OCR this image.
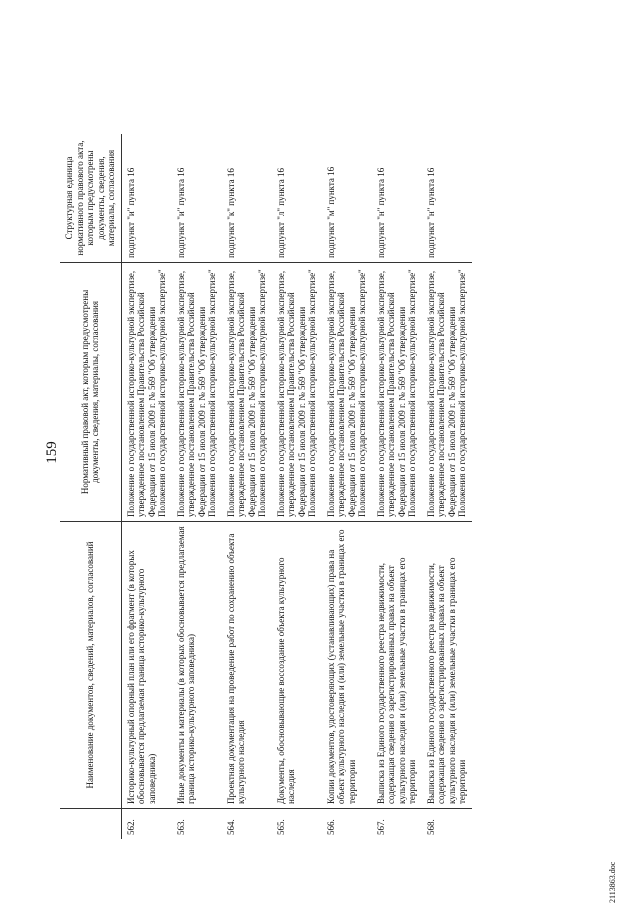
159
	Наименование документов, сведений, материалов, согласований	Нормативный правовой акт, которым предусмотрены документы, сведения, материалы, согласования	Структурная единица нормативного правового акта, которым предусмотрены документы, сведения, материалы, согласования
562.	Историко-культурный опорный план или его фрагмент (в которых обосновывается предлагаемая граница историко-культурного заповедника)	Положение о государственной историко-культурной экспертизе, утвержденное постановлением Правительства Российской Федерации от 15 июля 2009 г. № 569 "Об утверждении Положения о государственной историко-культурной экспертизе"	подпункт "и" пункта 16
563.	Иные документы и материалы (в которых обосновывается предлагаемая граница историко-культурного заповедника)	Положение о государственной историко-культурной экспертизе, утвержденное постановлением Правительства Российской Федерации от 15 июля 2009 г. № 569 "Об утверждении Положения о государственной историко-культурной экспертизе"	подпункт "и" пункта 16
564.	Проектная документация на проведение работ по сохранению объекта культурного наследия	Положение о государственной историко-культурной экспертизе, утвержденное постановлением Правительства Российской Федерации от 15 июля 2009 г. № 569 "Об утверждении Положения о государственной историко-культурной экспертизе"	подпункт "к" пункта 16
565.	Документы, обосновывающие воссоздание объекта культурного наследия	Положение о государственной историко-культурной экспертизе, утвержденное постановлением Правительства Российской Федерации от 15 июля 2009 г. № 569 "Об утверждении Положения о государственной историко-культурной экспертизе"	подпункт "л" пункта 16
566.	Копии документов, удостоверяющих (устанавливающих) права на объект культурного наследия и (или) земельные участки в границах его территории	Положение о государственной историко-культурной экспертизе, утвержденное постановлением Правительства Российской Федерации от 15 июля 2009 г. № 569 "Об утверждении Положения о государственной историко-культурной экспертизе"	подпункт "м" пункта 16
567.	Выписка из Единого государственного реестра недвижимости, содержащая сведения о зарегистрированных правах на объект культурного наследия и (или) земельные участки в границах его территории	Положение о государственной историко-культурной экспертизе, утвержденное постановлением Правительства Российской Федерации от 15 июля 2009 г. № 569 "Об утверждении Положения о государственной историко-культурной экспертизе"	подпункт "н" пункта 16
568.	Выписка из Единого государственного реестра недвижимости, содержащая сведения о зарегистрированных правах на объект культурного наследия и (или) земельные участки в границах его территории	Положение о государственной историко-культурной экспертизе, утвержденное постановлением Правительства Российской Федерации от 15 июля 2009 г. № 569 "Об утверждении Положения о государственной историко-культурной экспертизе"	подпункт "н" пункта 16
2113863.doc
